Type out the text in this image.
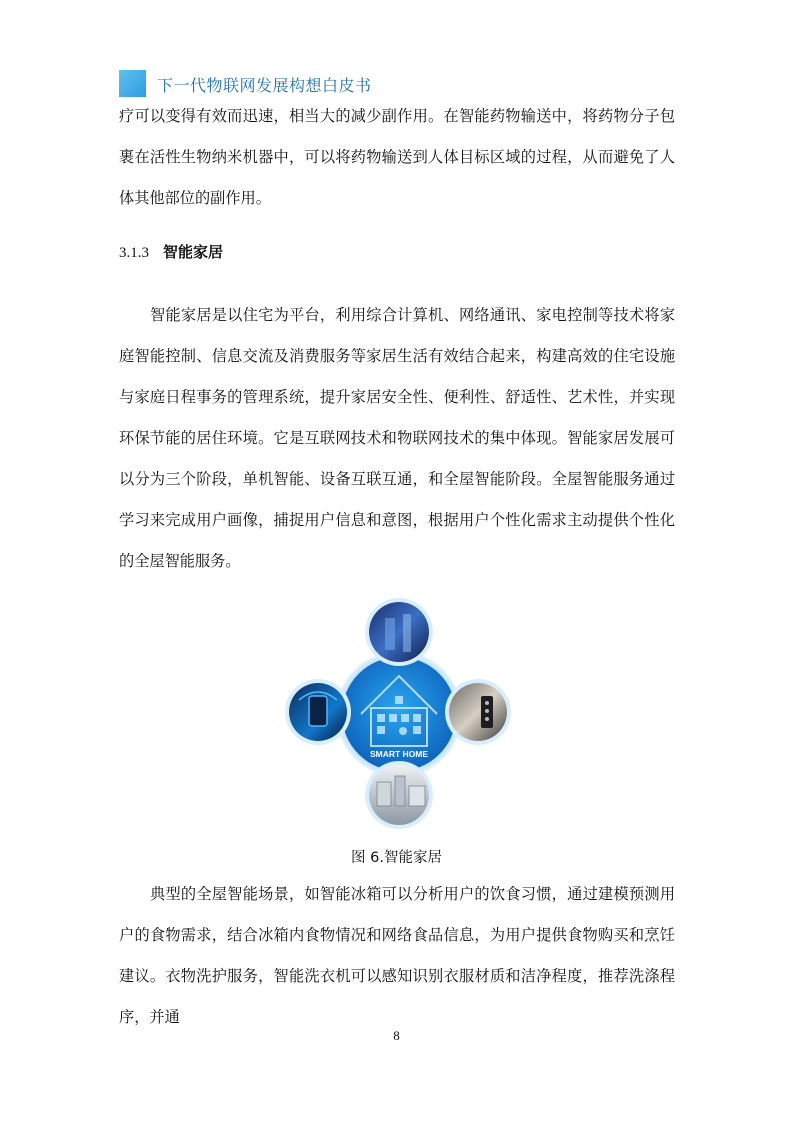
下一代物联网发展构想白皮书

疗可以变得有效而迅速，相当大的减少副作用。在智能药物输送中，将药物分子包裹在活性生物纳米机器中，可以将药物输送到人体目标区域的过程，从而避免了人体其他部位的副作用。

3.1.3 智能家居

智能家居是以住宅为平台，利用综合计算机、网络通讯、家电控制等技术将家庭智能控制、信息交流及消费服务等家居生活有效结合起来，构建高效的住宅设施与家庭日程事务的管理系统，提升家居安全性、便利性、舒适性、艺术性，并实现环保节能的居住环境。它是互联网技术和物联网技术的集中体现。智能家居发展可以分为三个阶段，单机智能、设备互联互通，和全屋智能阶段。全屋智能服务通过学习来完成用户画像，捕捉用户信息和意图，根据用户个性化需求主动提供个性化的全屋智能服务。

SMART HOME
图 6.智能家居

典型的全屋智能场景，如智能冰箱可以分析用户的饮食习惯，通过建模预测用户的食物需求，结合冰箱内食物情况和网络食品信息，为用户提供食物购买和烹饪建议。衣物洗护服务，智能洗衣机可以感知识别衣服材质和洁净程度，推荐洗涤程序，并通

8
